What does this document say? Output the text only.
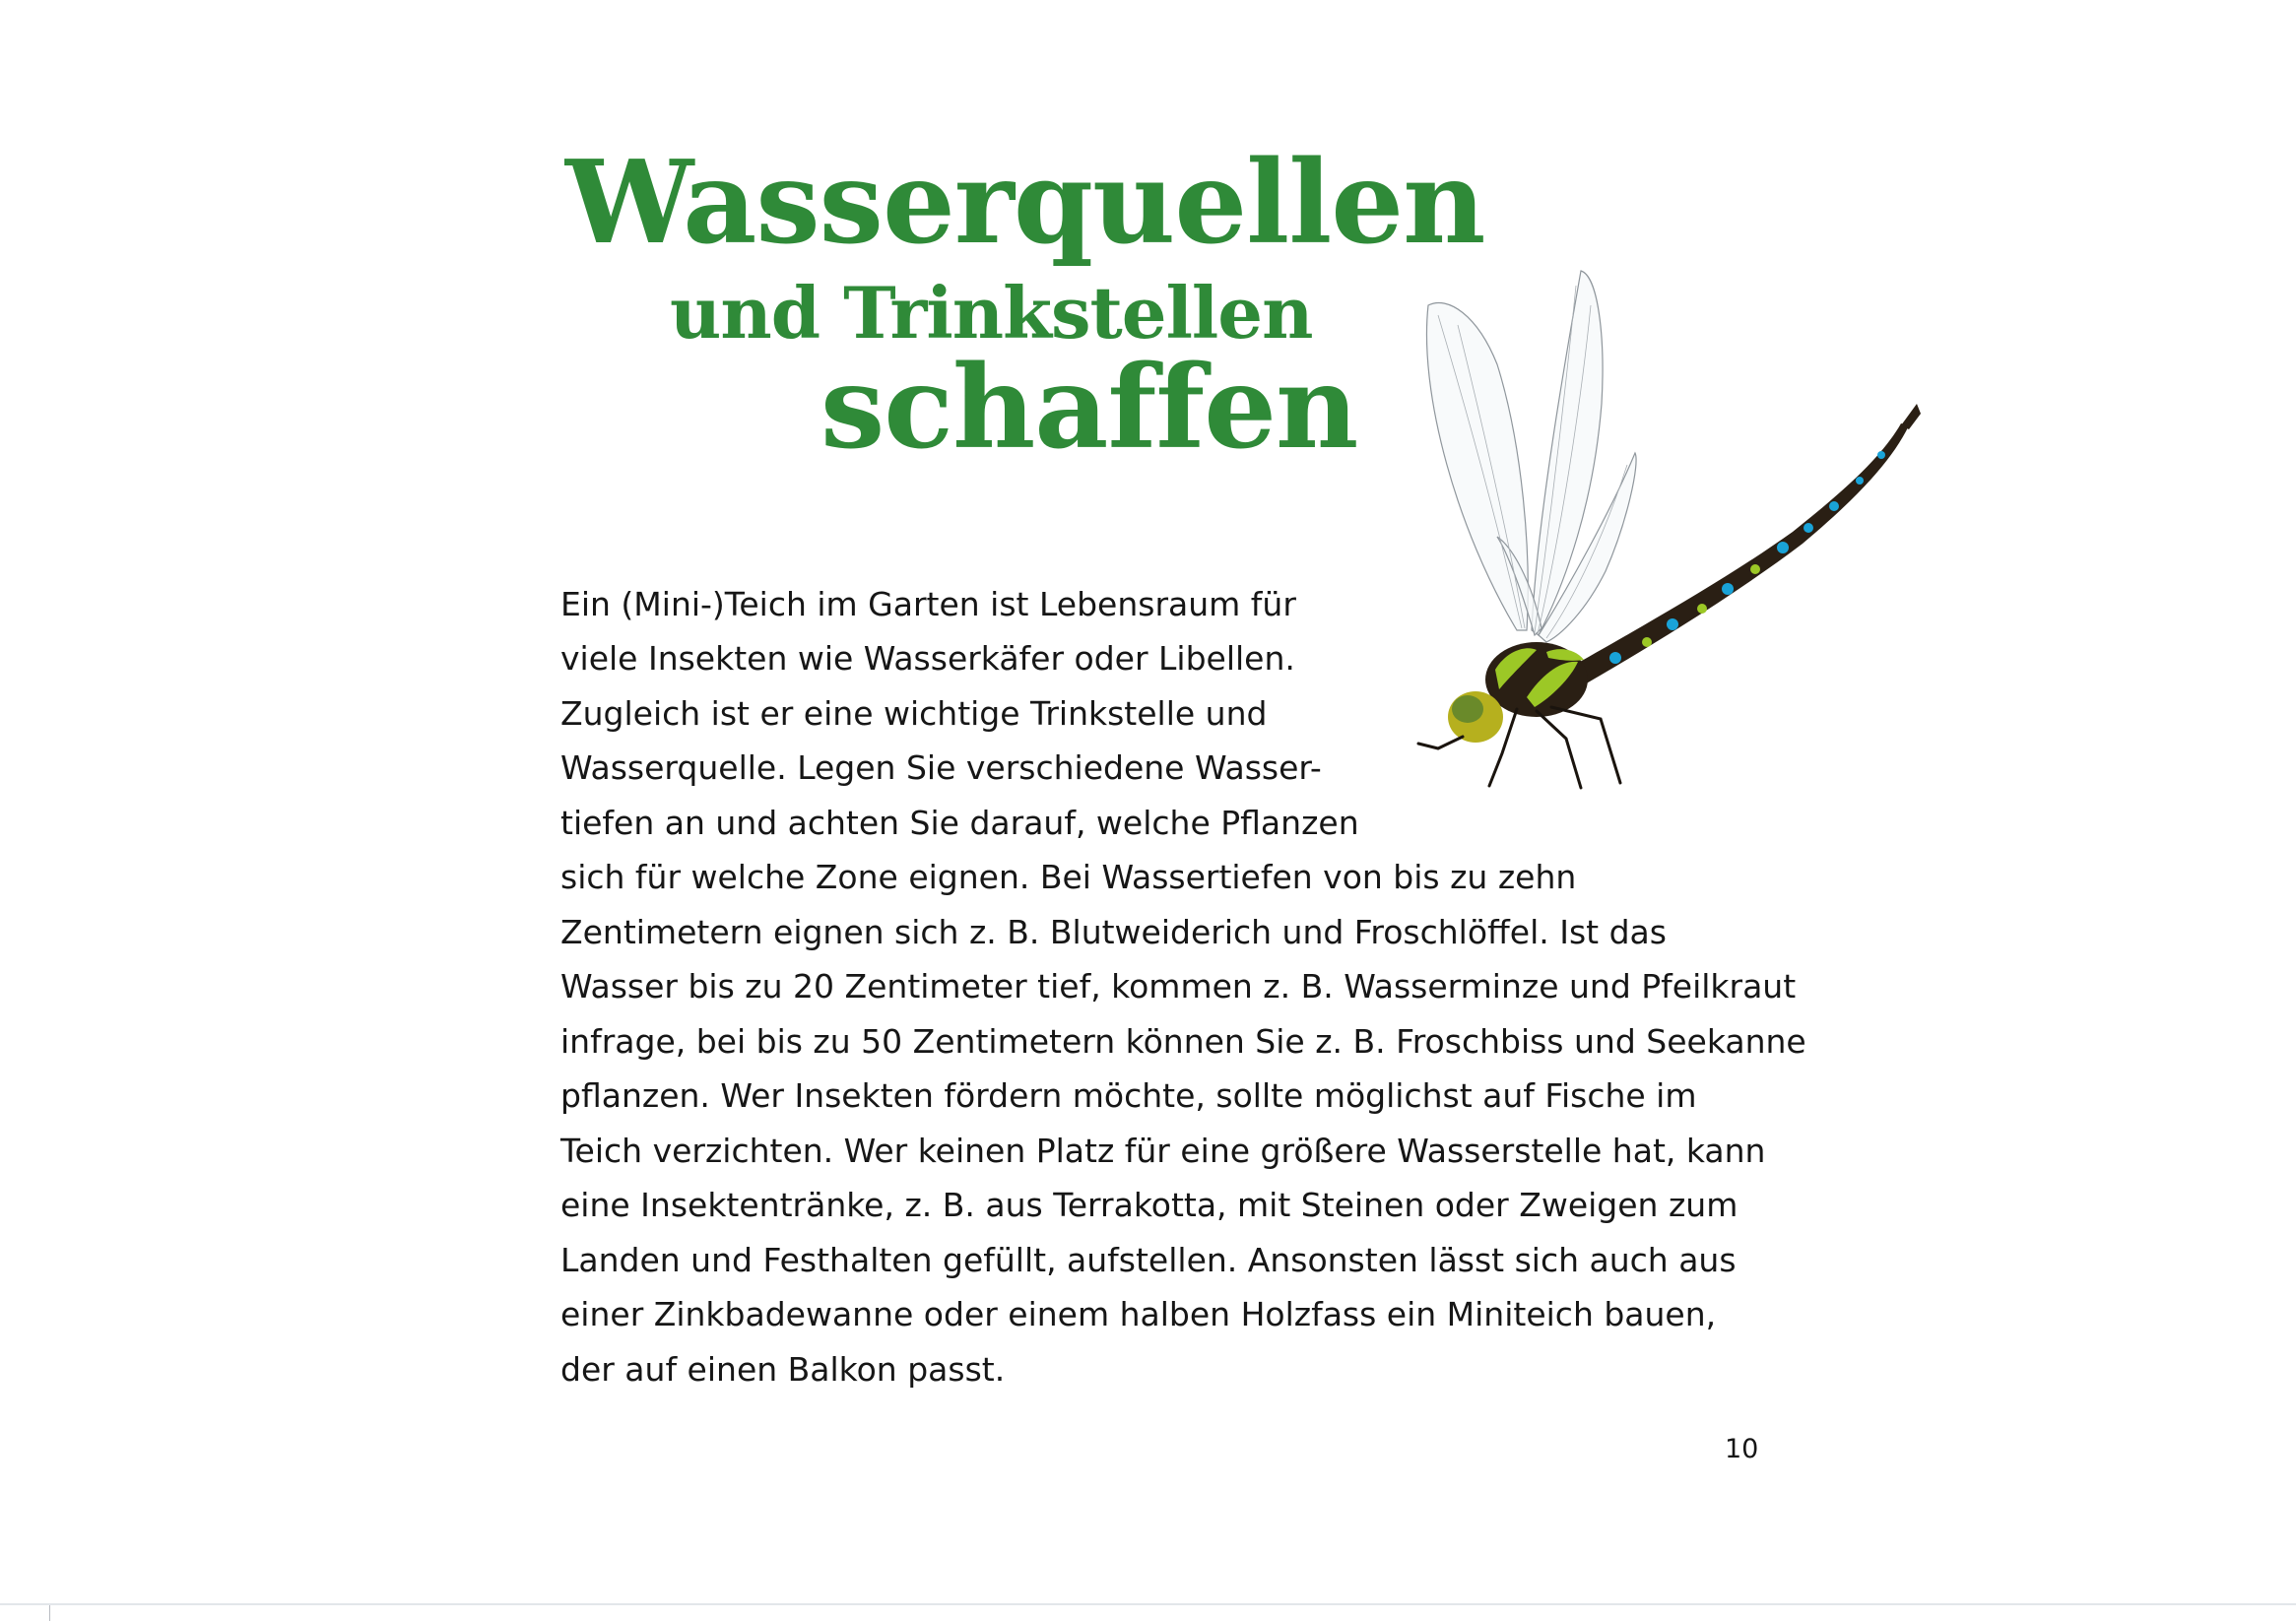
Wasserquellen
und Trinkstellen
schaffen

Ein (Mini-)Teich im Garten ist Lebensraum für

viele Insekten wie Wasserkäfer oder Libellen.

Zugleich ist er eine wichtige Trinkstelle und

Wasserquelle. Legen Sie verschiedene Wasser-

tiefen an und achten Sie darauf, welche Pflanzen

sich für welche Zone eignen. Bei Wassertiefen von bis zu zehn

Zentimetern eignen sich z. B. Blutweiderich und Froschlöffel. Ist das

Wasser bis zu 20 Zentimeter tief, kommen z. B. Wasserminze und Pfeilkraut

infrage, bei bis zu 50 Zentimetern können Sie z. B. Froschbiss und Seekanne

pflanzen. Wer Insekten fördern möchte, sollte möglichst auf Fische im

Teich verzichten. Wer keinen Platz für eine größere Wasserstelle hat, kann

eine Insektentränke, z. B. aus Terrakotta, mit Steinen oder Zweigen zum

Landen und Festhalten gefüllt, aufstellen. Ansonsten lässt sich auch aus

einer Zinkbadewanne oder einem halben Holzfass ein Miniteich bauen,

der auf einen Balkon passt.

10
